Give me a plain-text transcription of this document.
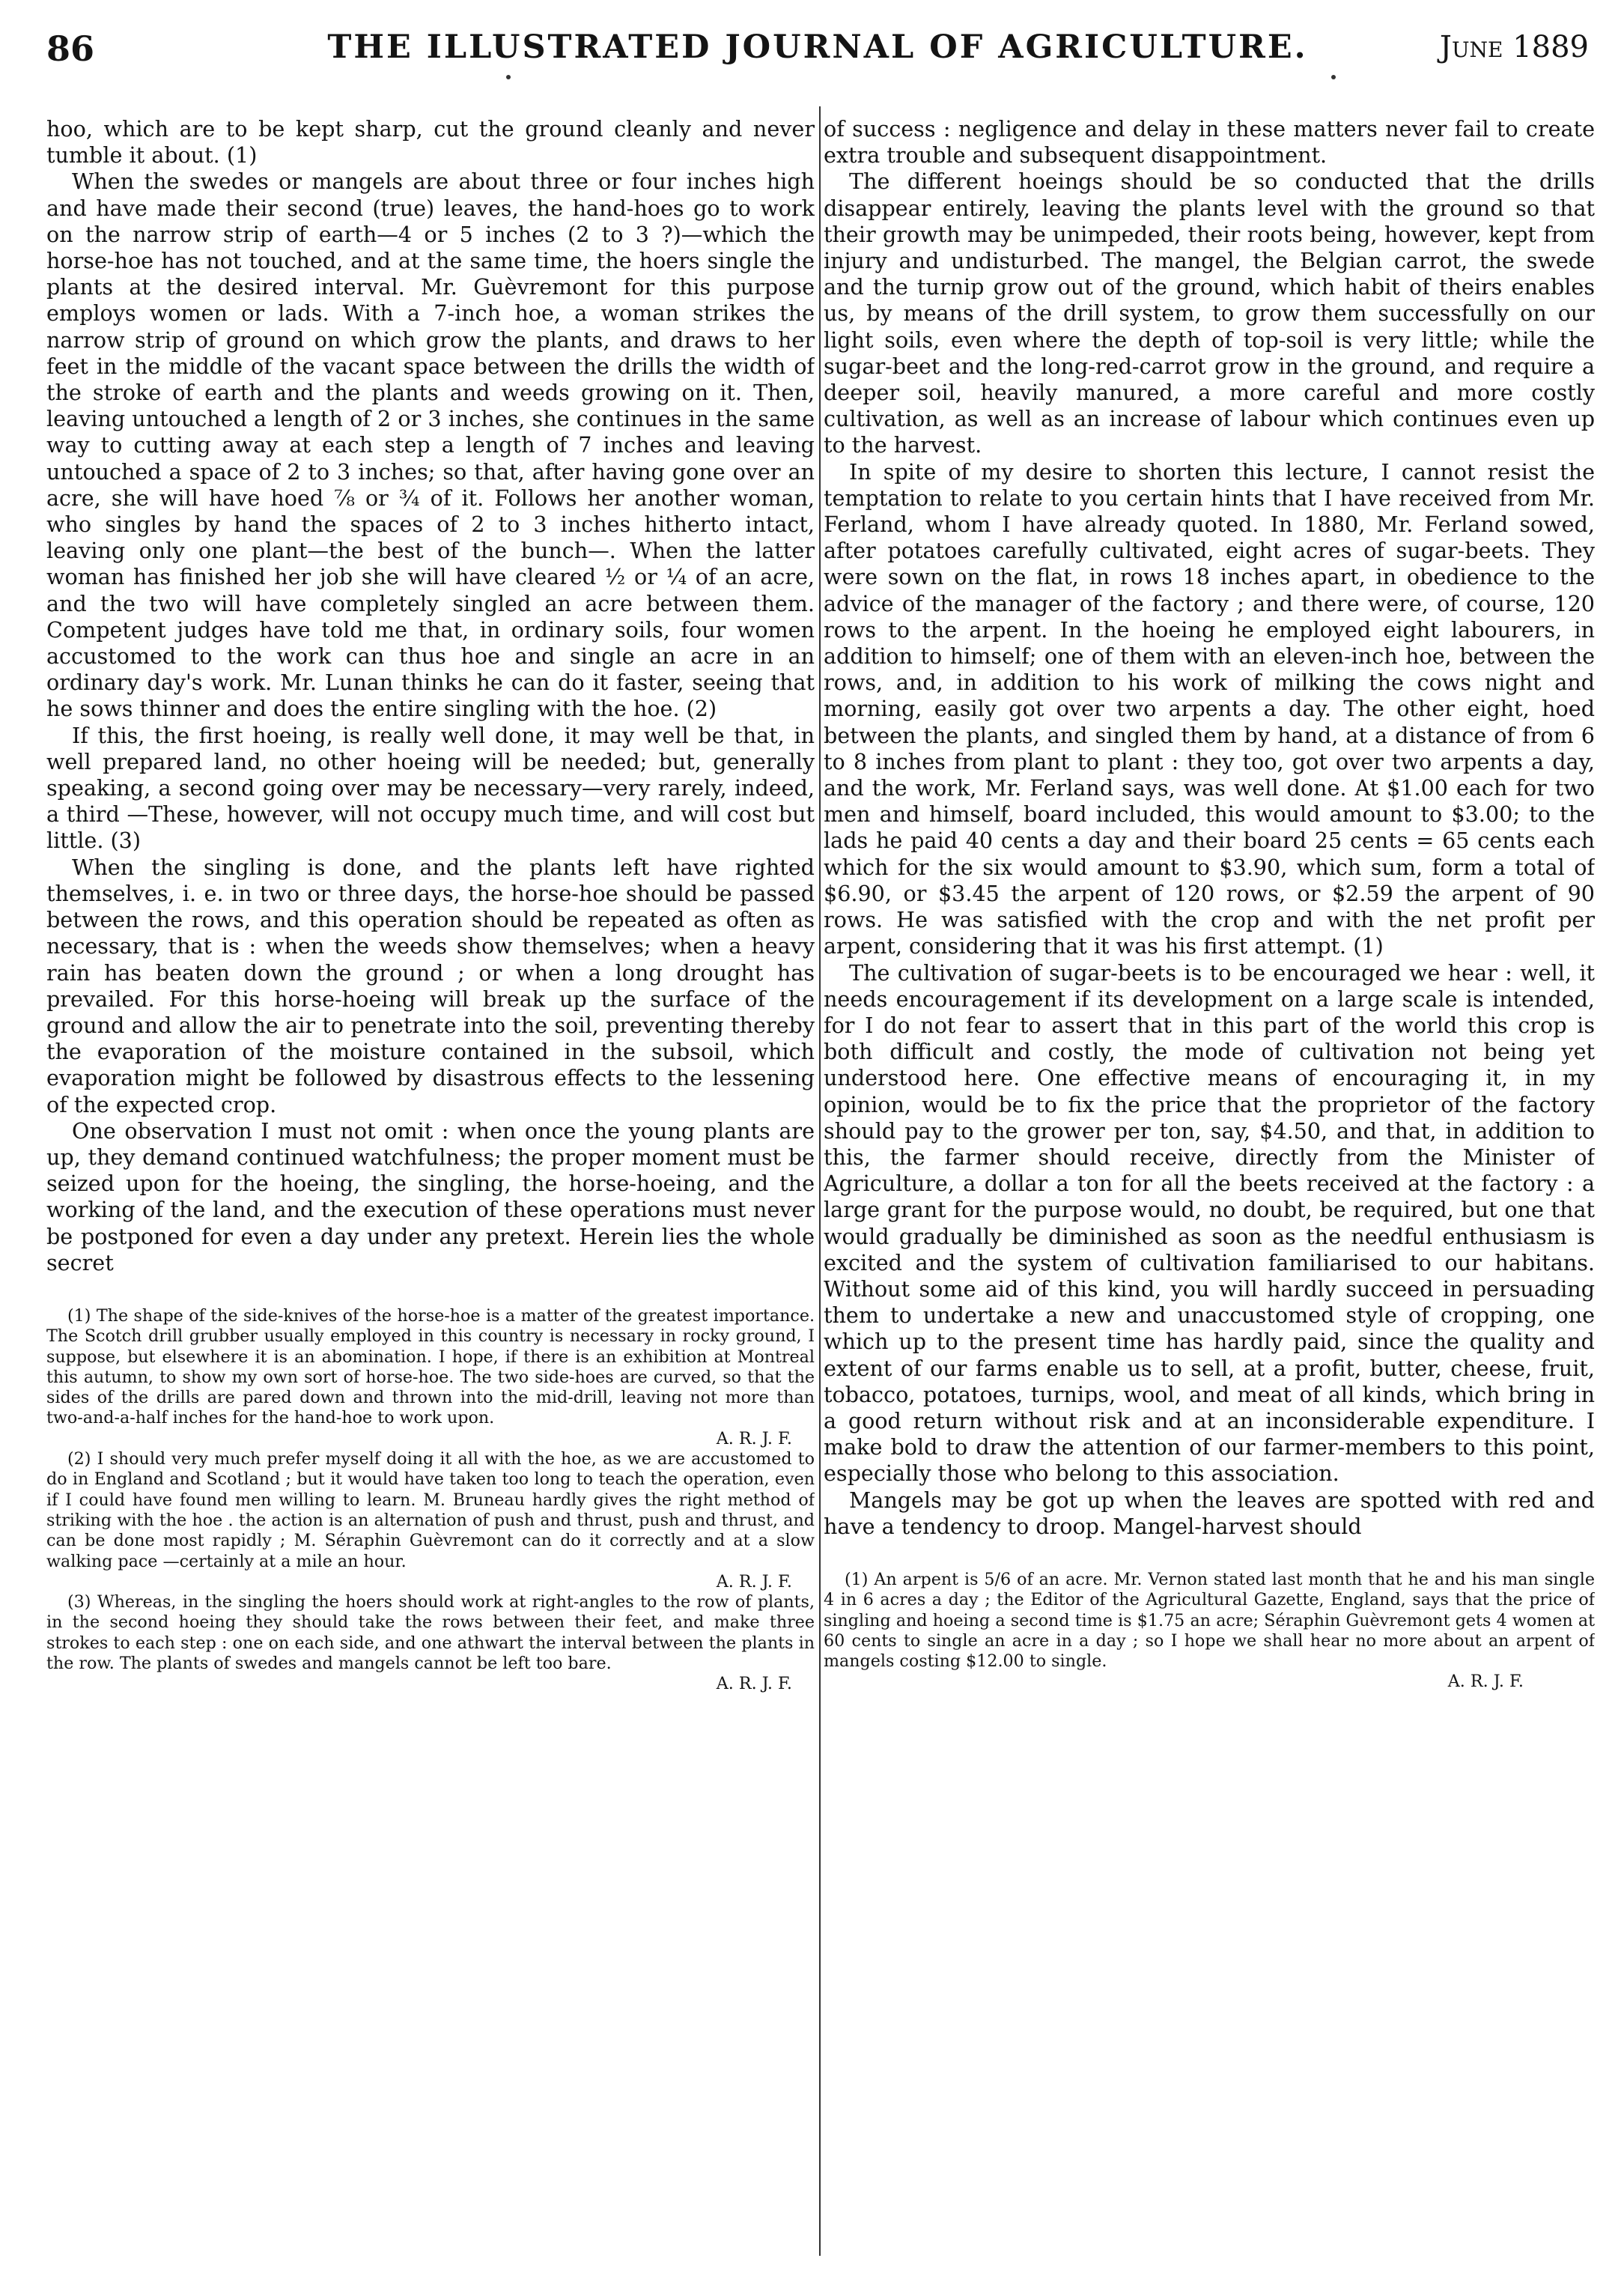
86	THE ILLUSTRATED JOURNAL OF AGRICULTURE.	June 1889

hoo, which are to be kept sharp, cut the ground cleanly and never tumble it about. (1)

When the swedes or mangels are about three or four inches high and have made their second (true) leaves, the hand-hoes go to work on the narrow strip of earth—4 or 5 inches (2 to 3 ?)—which the horse-hoe has not touched, and at the same time, the hoers single the plants at the desired interval. Mr. Guèvremont for this purpose employs women or lads. With a 7-inch hoe, a woman strikes the narrow strip of ground on which grow the plants, and draws to her feet in the middle of the vacant space between the drills the width of the stroke of earth and the plants and weeds growing on it. Then, leaving untouched a length of 2 or 3 inches, she continues in the same way to cutting away at each step a length of 7 inches and leaving untouched a space of 2 to 3 inches; so that, after having gone over an acre, she will have hoed ⅞ or ¾ of it. Follows her another woman, who singles by hand the spaces of 2 to 3 inches hitherto intact, leaving only one plant—the best of the bunch—. When the latter woman has finished her job she will have cleared ½ or ¼ of an acre, and the two will have completely singled an acre between them. Competent judges have told me that, in ordinary soils, four women accustomed to the work can thus hoe and single an acre in an ordinary day's work. Mr. Lunan thinks he can do it faster, seeing that he sows thinner and does the entire singling with the hoe. (2)

If this, the first hoeing, is really well done, it may well be that, in well prepared land, no other hoeing will be needed; but, generally speaking, a second going over may be necessary—very rarely, indeed, a third —These, however, will not occupy much time, and will cost but little. (3)

When the singling is done, and the plants left have righted themselves, i. e. in two or three days, the horse-hoe should be passed between the rows, and this operation should be repeated as often as necessary, that is : when the weeds show themselves; when a heavy rain has beaten down the ground ; or when a long drought has prevailed. For this horse-hoeing will break up the surface of the ground and allow the air to penetrate into the soil, preventing thereby the evaporation of the moisture contained in the subsoil, which evaporation might be followed by disastrous effects to the lessening of the expected crop.

One observation I must not omit : when once the young plants are up, they demand continued watchfulness; the proper moment must be seized upon for the hoeing, the singling, the horse-hoeing, and the working of the land, and the execution of these operations must never be postponed for even a day under any pretext. Herein lies the whole secret

(1) The shape of the side-knives of the horse-hoe is a matter of the greatest importance. The Scotch drill grubber usually employed in this country is necessary in rocky ground, I suppose, but elsewhere it is an abomination. I hope, if there is an exhibition at Montreal this autumn, to show my own sort of horse-hoe. The two side-hoes are curved, so that the sides of the drills are pared down and thrown into the mid-drill, leaving not more than two-and-a-half inches for the hand-hoe to work upon.

A. R. J. F.

(2) I should very much prefer myself doing it all with the hoe, as we are accustomed to do in England and Scotland ; but it would have taken too long to teach the operation, even if I could have found men willing to learn. M. Bruneau hardly gives the right method of striking with the hoe . the action is an alternation of push and thrust, push and thrust, and can be done most rapidly ; M. Séraphin Guèvremont can do it correctly and at a slow walking pace —certainly at a mile an hour.

A. R. J. F.

(3) Whereas, in the singling the hoers should work at right-angles to the row of plants, in the second hoeing they should take the rows between their feet, and make three strokes to each step : one on each side, and one athwart the interval between the plants in the row. The plants of swedes and mangels cannot be left too bare.

A. R. J. F.

of success : negligence and delay in these matters never fail to create extra trouble and subsequent disappointment.

The different hoeings should be so conducted that the drills disappear entirely, leaving the plants level with the ground so that their growth may be unimpeded, their roots being, however, kept from injury and undisturbed. The mangel, the Belgian carrot, the swede and the turnip grow out of the ground, which habit of theirs enables us, by means of the drill system, to grow them successfully on our light soils, even where the depth of top-soil is very little; while the sugar-beet and the long-red-carrot grow in the ground, and require a deeper soil, heavily manured, a more careful and more costly cultivation, as well as an increase of labour which continues even up to the harvest.

In spite of my desire to shorten this lecture, I cannot resist the temptation to relate to you certain hints that I have received from Mr. Ferland, whom I have already quoted. In 1880, Mr. Ferland sowed, after potatoes carefully cultivated, eight acres of sugar-beets. They were sown on the flat, in rows 18 inches apart, in obedience to the advice of the manager of the factory ; and there were, of course, 120 rows to the arpent. In the hoeing he employed eight labourers, in addition to himself; one of them with an eleven-inch hoe, between the rows, and, in addition to his work of milking the cows night and morning, easily got over two arpents a day. The other eight, hoed between the plants, and singled them by hand, at a distance of from 6 to 8 inches from plant to plant : they too, got over two arpents a day, and the work, Mr. Ferland says, was well done. At $1.00 each for two men and himself, board included, this would amount to $3.00; to the lads he paid 40 cents a day and their board 25 cents = 65 cents each which for the six would amount to $3.90, which sum, form a total of $6.90, or $3.45 the arpent of 120 rows, or $2.59 the arpent of 90 rows. He was satisfied with the crop and with the net profit per arpent, considering that it was his first attempt. (1)

The cultivation of sugar-beets is to be encouraged we hear : well, it needs encouragement if its development on a large scale is intended, for I do not fear to assert that in this part of the world this crop is both difficult and costly, the mode of cultivation not being yet understood here. One effective means of encouraging it, in my opinion, would be to fix the price that the proprietor of the factory should pay to the grower per ton, say, $4.50, and that, in addition to this, the farmer should receive, directly from the Minister of Agriculture, a dollar a ton for all the beets received at the factory : a large grant for the purpose would, no doubt, be required, but one that would gradually be diminished as soon as the needful enthusiasm is excited and the system of cultivation familiarised to our habitans. Without some aid of this kind, you will hardly succeed in persuading them to undertake a new and unaccustomed style of cropping, one which up to the present time has hardly paid, since the quality and extent of our farms enable us to sell, at a profit, butter, cheese, fruit, tobacco, potatoes, turnips, wool, and meat of all kinds, which bring in a good return without risk and at an inconsiderable expenditure. I make bold to draw the attention of our farmer-members to this point, especially those who belong to this association.

Mangels may be got up when the leaves are spotted with red and have a tendency to droop. Mangel-harvest should

(1) An arpent is 5/6 of an acre. Mr. Vernon stated last month that he and his man single 4 in 6 acres a day ; the Editor of the Agricultural Gazette, England, says that the price of singling and hoeing a second time is $1.75 an acre; Séraphin Guèvremont gets 4 women at 60 cents to single an acre in a day ; so I hope we shall hear no more about an arpent of mangels costing $12.00 to single.

A. R. J. F.
